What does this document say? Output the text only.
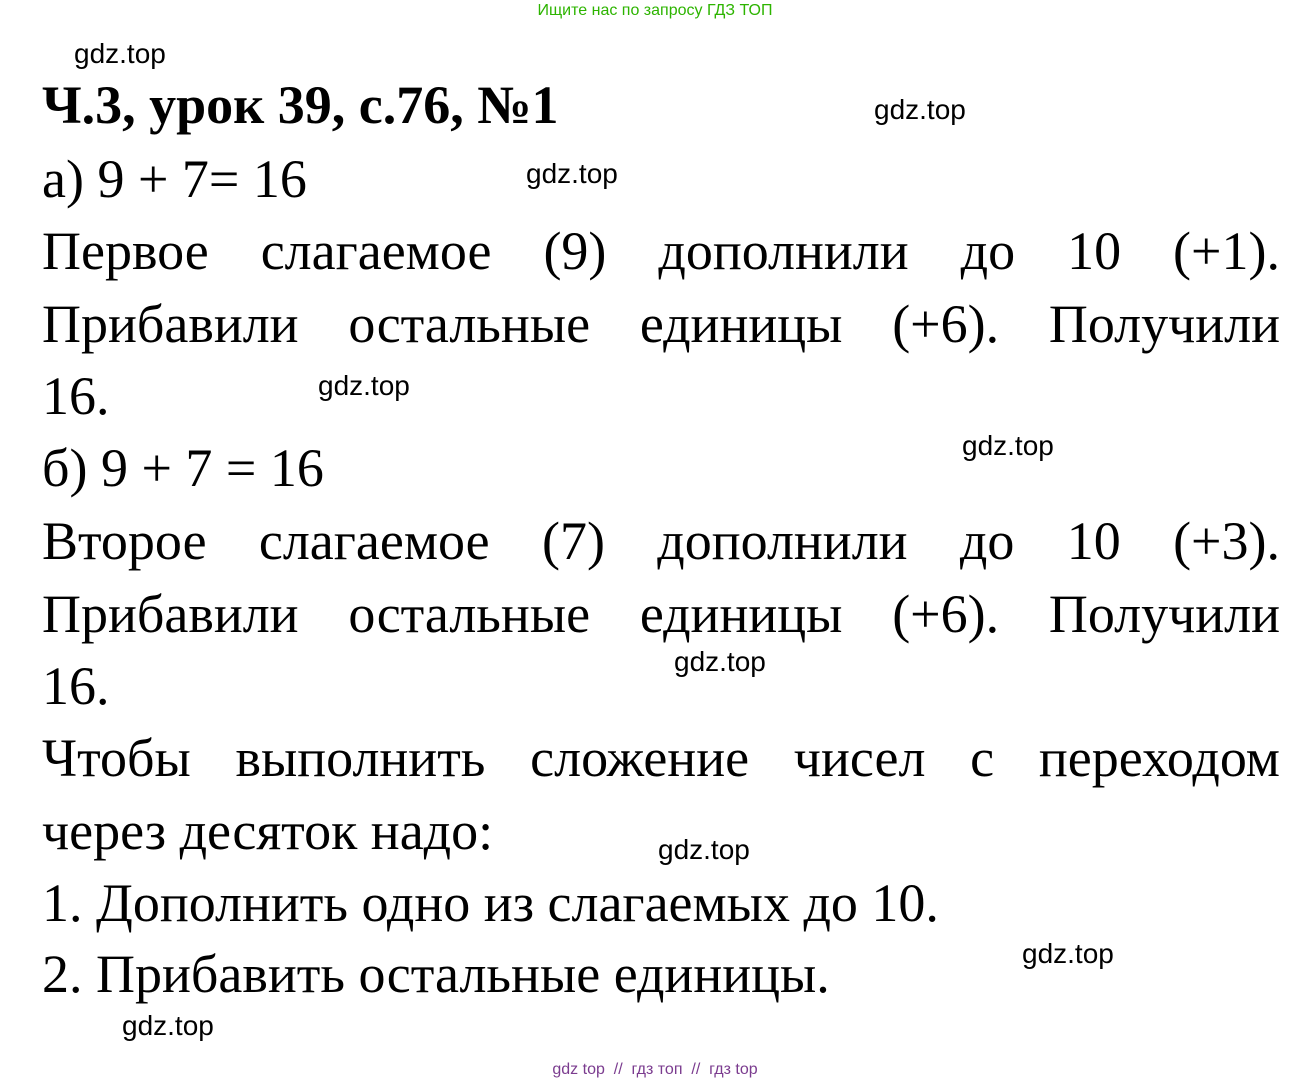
Ищите нас по запросу ГДЗ ТОП
gdz.top
gdz.top
gdz.top
gdz.top
gdz.top
gdz.top
gdz.top
gdz.top
gdz.top
Ч.3, урок 39, с.76, №1
а) 9 + 7= 16
Первое слагаемое (9) дополнили до 10 (+1).
Прибавили остальные единицы (+6). Получили
16.
б) 9 + 7 = 16
Второе слагаемое (7) дополнили до 10 (+3).
Прибавили остальные единицы (+6). Получили
16.
Чтобы выполнить сложение чисел с переходом
через десяток надо:
1. Дополнить одно из слагаемых до 10.
2. Прибавить остальные единицы.
gdz top  //  гдз топ  //  гдз top
